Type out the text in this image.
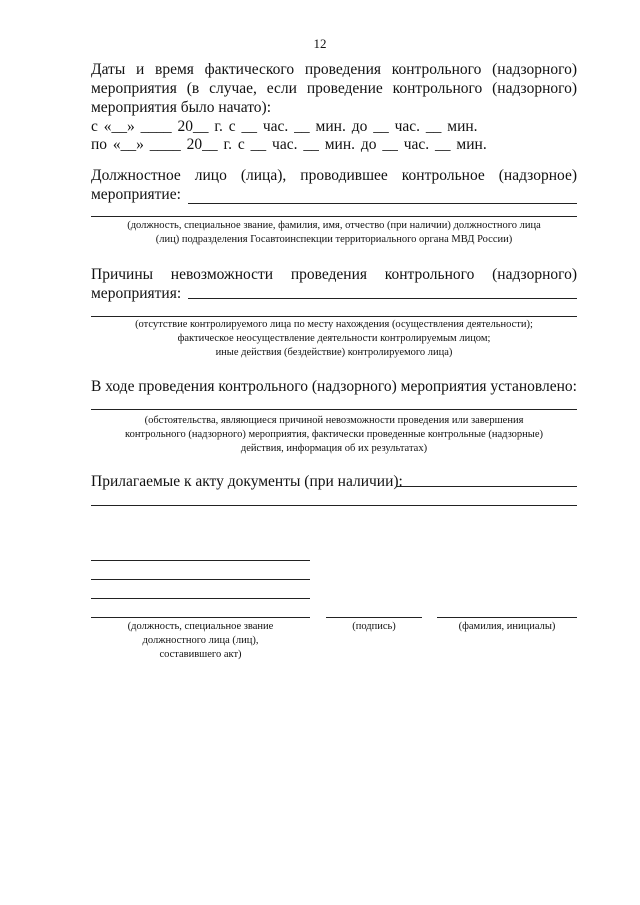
12
Даты и время фактического проведения контрольного (надзорного)
мероприятия (в случае, если проведение контрольного (надзорного)
мероприятия было начато):
с «__» ____ 20__ г. с __ час. __ мин. до __ час. __ мин.
по «__» ____ 20__ г. с __ час. __ мин. до __ час. __ мин.
Должностное лицо (лица), проводившее контрольное (надзорное)
мероприятие:
(должность, специальное звание, фамилия, имя, отчество (при наличии) должностного лица
(лиц) подразделения Госавтоинспекции территориального органа МВД России)
Причины невозможности проведения контрольного (надзорного)
мероприятия:
(отсутствие контролируемого лица по месту нахождения (осуществления деятельности);
фактическое неосуществление деятельности контролируемым лицом;
иные действия (бездействие) контролируемого лица)
В ходе проведения контрольного (надзорного) мероприятия установлено:
(обстоятельства, являющиеся причиной невозможности проведения или завершения
контрольного (надзорного) мероприятия, фактически проведенные контрольные (надзорные)
действия, информация об их результатах)
Прилагаемые к акту документы (при наличии):
(должность, специальное звание
должностного лица (лиц),
составившего акт)
(подпись)	(фамилия, инициалы)
